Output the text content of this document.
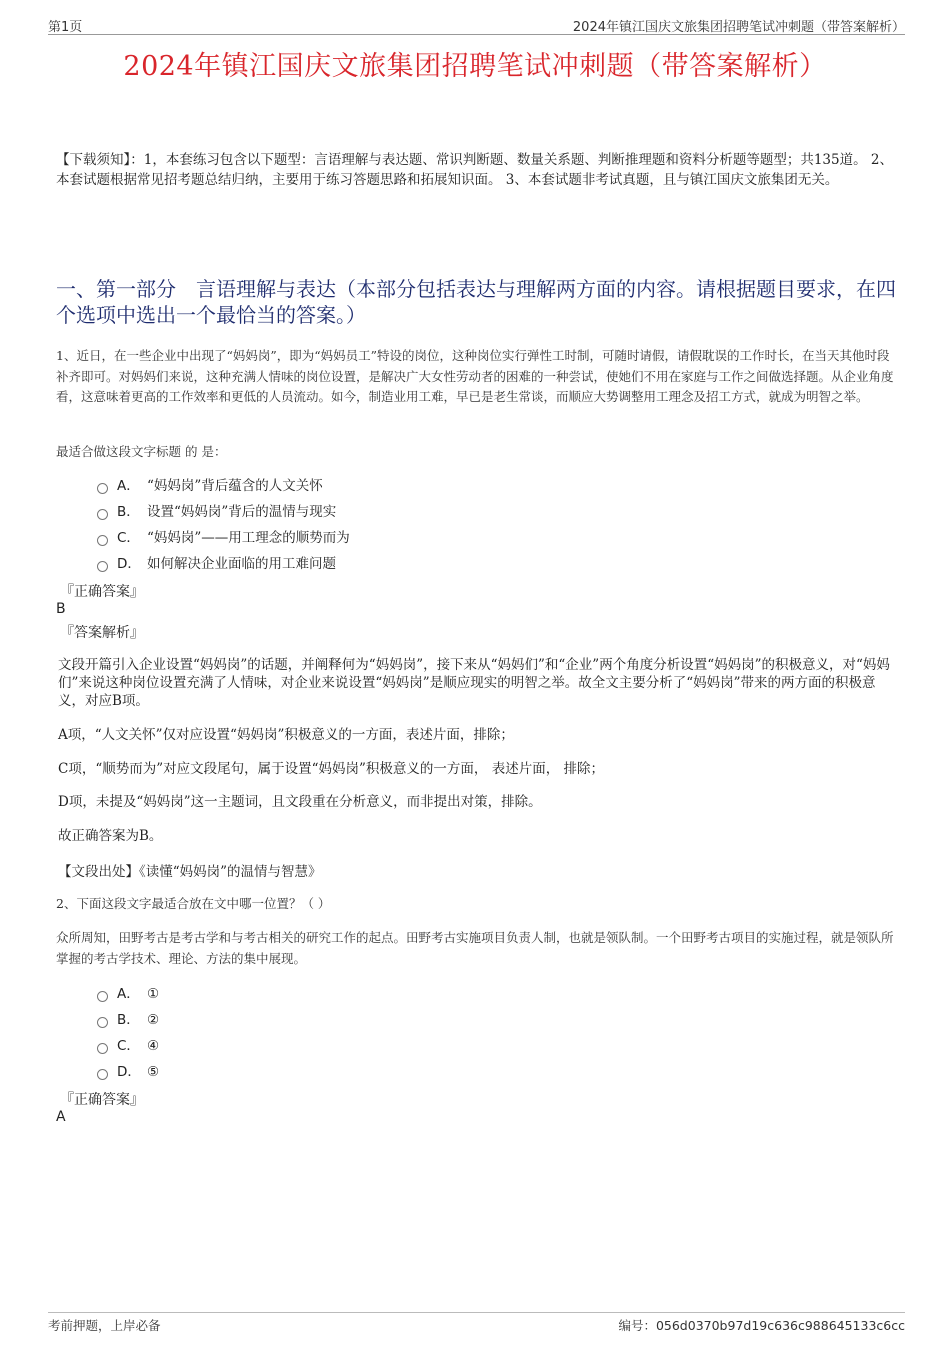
第1页	2024年镇江国庆文旅集团招聘笔试冲刺题（带答案解析）
2024年镇江国庆文旅集团招聘笔试冲刺题（带答案解析）
【下载须知】：1，本套练习包含以下题型：言语理解与表达题、常识判断题、数量关系题、判断推理题和资料分析题等题型；共135道。 2、本套试题根据常见招考题总结归纳，主要用于练习答题思路和拓展知识面。 3、本套试题非考试真题，且与镇江国庆文旅集团无关。
一、第一部分　言语理解与表达（本部分包括表达与理解两方面的内容。请根据题目要求，在四个选项中选出一个最恰当的答案。）
1、近日，在一些企业中出现了“妈妈岗”，即为“妈妈员工”特设的岗位，这种岗位实行弹性工时制，可随时请假，请假耽误的工作时长，在当天其他时段补齐即可。对妈妈们来说，这种充满人情味的岗位设置，是解决广大女性劳动者的困难的一种尝试，使她们不用在家庭与工作之间做选择题。从企业角度看，这意味着更高的工作效率和更低的人员流动。如今，制造业用工难，早已是老生常谈，而顺应大势调整用工理念及招工方式，就成为明智之举。
最适合做这段文字标题 的 是：
A． “妈妈岗”背后蕴含的人文关怀
B． 设置“妈妈岗”背后的温情与现实
C． “妈妈岗”——用工理念的顺势而为
D． 如何解决企业面临的用工难问题
『正确答案』
B
『答案解析』
文段开篇引入企业设置“妈妈岗”的话题，并阐释何为“妈妈岗”，接下来从“妈妈们”和“企业”两个角度分析设置“妈妈岗”的积极意义，对“妈妈们”来说这种岗位设置充满了人情味，对企业来说设置“妈妈岗”是顺应现实的明智之举。故全文主要分析了“妈妈岗”带来的两方面的积极意义，对应B项。
A项，“人文关怀”仅对应设置“妈妈岗”积极意义的一方面，表述片面，排除；
C项，“顺势而为”对应文段尾句，属于设置“妈妈岗”积极意义的一方面， 表述片面， 排除；
D项，未提及“妈妈岗”这一主题词，且文段重在分析意义，而非提出对策，排除。
故正确答案为B。
【文段出处】《读懂“妈妈岗”的温情与智慧》
2、下面这段文字最适合放在文中哪一位置？（ ）
众所周知，田野考古是考古学和与考古相关的研究工作的起点。田野考古实施项目负责人制，也就是领队制。一个田野考古项目的实施过程，就是领队所掌握的考古学技术、理论、方法的集中展现。
A． ①
B． ②
C． ④
D． ⑤
『正确答案』
A
考前押题，上岸必备	编号：056d0370b97d19c636c988645133c6cc
